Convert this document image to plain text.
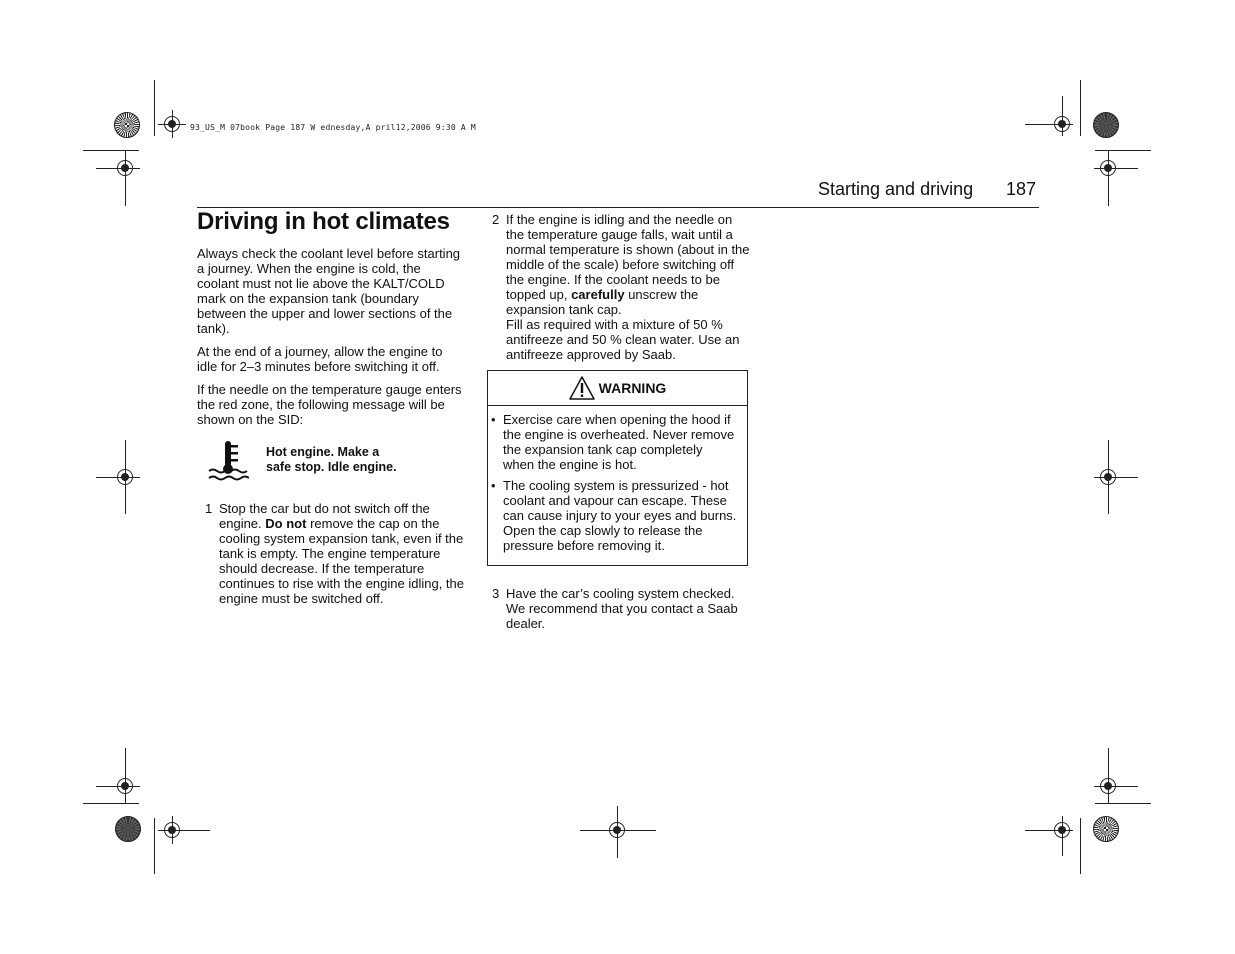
93_US_M 07book Page 187 W ednesday,A pril12,2006 9:30 A M
Starting and driving 187
Driving in hot climates

Always check the coolant level before starting a journey. When the engine is cold, the coolant must not lie above the KALT/COLD mark on the expansion tank (boundary between the upper and lower sections of the tank).

At the end of a journey, allow the engine to idle for 2–3 minutes before switching it off.

If the needle on the temperature gauge enters the red zone, the following message will be shown on the SID:

Hot engine. Make a
safe stop. Idle engine.
1 Stop the car but do not switch off the engine. Do not remove the cap on the cooling system expansion tank, even if the tank is empty. The engine temperature should decrease. If the temperature continues to rise with the engine idling, the engine must be switched off.
2 If the engine is idling and the needle on the temperature gauge falls, wait until a normal temperature is shown (about in the middle of the scale) before switching off the engine. If the coolant needs to be topped up, carefully unscrew the expansion tank cap.
Fill as required with a mixture of 50 % antifreeze and 50 % clean water. Use an antifreeze approved by Saab.
WARNING
• Exercise care when opening the hood if the engine is overheated. Never remove the expansion tank cap completely when the engine is hot.
• The cooling system is pressurized - hot coolant and vapour can escape. These can cause injury to your eyes and burns. Open the cap slowly to release the pressure before removing it.
3 Have the car’s cooling system checked. We recommend that you contact a Saab dealer.
